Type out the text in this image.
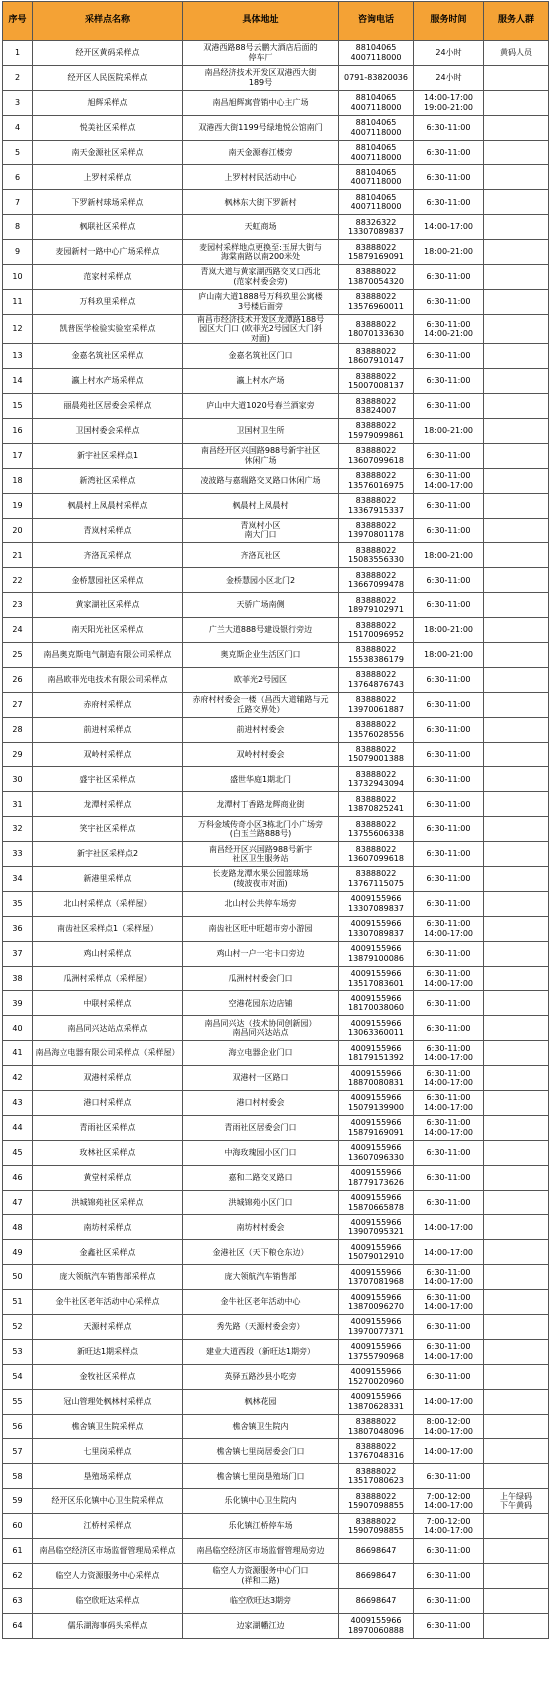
序号	采样点名称	具体地址	咨询电话	服务时间	服务人群
1	经开区黄码采样点	双港西路88号云鹏大酒店后面的
停车厂	88104065
4007118000	24小时	黄码人员
2	经开区人民医院采样点	南昌经济技术开发区双港西大街
189号	0791-83820036	24小时	
3	旭辉采样点	南昌旭辉寓营销中心主广场	88104065
4007118000	14:00-17:00
19:00-21:00	
4	悦美社区采样点	双港西大街1199号绿地悦公馆南门	88104065
4007118000	6:30-11:00	
5	南天金源社区采样点	南天金源春江楼旁	88104065
4007118000	6:30-11:00	
6	上罗村采样点	上罗村村民活动中心	88104065
4007118000	6:30-11:00	
7	下罗新村球场采样点	枫林东大街下罗新村	88104065
4007118000	6:30-11:00	
8	枫联社区采样点	天虹商场	88326322
13307089837	14:00-17:00	
9	麦园新村一路中心广场采样点	麦园村采样地点更换至:玉屏大街与
海棠南路以南200米处	83888022
15879169091	18:00-21:00	
10	范家村采样点	青岚大道与黄家湖西路交叉口西北
(范家村委会旁)	83888022
13870054320	6:30-11:00	
11	万科玖里采样点	庐山南大道1888号万科玖里公寓楼
3号楼后面旁	83888022
13576960011	6:30-11:00	
12	凯普医学检验实验室采样点	南昌市经济技术开发区龙潭路188号
园区大门口 (欧菲光2号园区大门斜
对面)	83888022
18070133630	6:30-11:00
14:00-21:00	
13	金嘉名筑社区采样点	金嘉名筑社区门口	83888022
18607910147	6:30-11:00	
14	瀛上村水产场采样点	瀛上村水产场	83888022
15007008137	6:30-11:00	
15	丽晨苑社区居委会采样点	庐山中大道1020号春兰酒家旁	83888022
83824007	6:30-11:00	
16	卫国村委会采样点	卫国村卫生所	83888022
15979099861	18:00-21:00	
17	新宇社区采样点1	南昌经开区兴国路988号新宇社区
休闲广场	83888022
13607099618	6:30-11:00	
18	新湾社区采样点	凌波路与嘉瑞路交叉路口休闲广场	83888022
13576016975	6:30-11:00
14:00-17:00	
19	枫晨村上凤晨村采样点	枫晨村上凤晨村	83888022
13367915337	6:30-11:00	
20	青岚村采样点	青岚村小区
南大门口	83888022
13970801178	6:30-11:00	
21	齐洛瓦采样点	齐洛瓦社区	83888022
15083556330	18:00-21:00	
22	金桥慧园社区采样点	金桥慧园小区北门2	83888022
13667099478	6:30-11:00	
23	黄家湖社区采样点	天骄广场南侧	83888022
18979102971	6:30-11:00	
24	南天阳光社区采样点	广兰大道888号建设银行旁边	83888022
15170096952	18:00-21:00	
25	南昌奥克斯电气制造有限公司采样点	奥克斯企业生活区门口	83888022
15538386179	18:00-21:00	
26	南昌欧菲光电技术有限公司采样点	欧菲光2号园区	83888022
13764876743	6:30-11:00	
27	赤府村采样点	赤府村村委会一楼（昌西大道辅路与元
丘路交界处）	83888022
13970061887	6:30-11:00	
28	前进村采样点	前进村村委会	83888022
13576028556	6:30-11:00	
29	双岭村采样点	双岭村村委会	83888022
15079001388	6:30-11:00	
30	盛宇社区采样点	盛世华庭1期北门	83888022
13732943094	6:30-11:00	
31	龙潭村采样点	龙潭村丁香路龙辉商业街	83888022
13870825241	6:30-11:00	
32	笑宇社区采样点	万科金域传奇小区3栋北门小广场旁
(白玉兰路888号)	83888022
13755606338	6:30-11:00	
33	新宇社区采样点2	南昌经开区兴国路988号新宇
社区卫生服务站	83888022
13607099618	6:30-11:00	
34	新港里采样点	长麦路龙潭水果公园篮球场
(绫波夜市对面)	83888022
13767115075	6:30-11:00	
35	北山村采样点（采样屋）	北山村公共停车场旁	4009155966
13307089837	6:30-11:00	
36	南齿社区采样点1（采样屋）	南齿社区旺中旺超市旁小游园	4009155966
13307089837	6:30-11:00
14:00-17:00	
37	鸡山村采样点	鸡山村一户一宅卡口旁边	4009155966
13879100086	6:30-11:00	
38	瓜洲村采样点（采样屋）	瓜洲村村委会门口	4009155966
13517083601	6:30-11:00
14:00-17:00	
39	中联村采样点	空港花园东边店铺	4009155966
18170038060	6:30-11:00	
40	南昌同兴达站点采样点	南昌同兴达（技术协同创新园）
南昌同兴达站点	4009155966
13063360011	6:30-11:00	
41	南昌海立电器有限公司采样点（采样屋）	海立电器企业门口	4009155966
18179151392	6:30-11:00
14:00-17:00	
42	双港村采样点	双港村一区路口	4009155966
18870080831	6:30-11:00
14:00-17:00	
43	港口村采样点	港口村村委会	4009155966
15079139900	6:30-11:00
14:00-17:00	
44	青雨社区采样点	青雨社区居委会门口	4009155966
15879169091	6:30-11:00
14:00-17:00	
45	玫林社区采样点	中海玫瑰园小区门口	4009155966
13607096330	6:30-11:00	
46	黄堂村采样点	嘉和二路交叉路口	4009155966
18779173626	6:30-11:00	
47	洪城锦苑社区采样点	洪城锦苑小区门口	4009155966
15870665878	6:30-11:00	
48	南坊村采样点	南坊村村委会	4009155966
13907095321	14:00-17:00	
49	金鑫社区采样点	金港社区（天下粮仓东边）	4009155966
15079012910	14:00-17:00	
50	庞大领航汽车销售部采样点	庞大领航汽车销售部	4009155966
13707081968	6:30-11:00
14:00-17:00	
51	金牛社区老年活动中心采样点	金牛社区老年活动中心	4009155966
13870096270	6:30-11:00
14:00-17:00	
52	天源村采样点	秀先路（天源村委会旁）	4009155966
13970077371	6:30-11:00	
53	新旺达1期采样点	建业大道西段（新旺达1期旁）	4009155966
13755790968	6:30-11:00
14:00-17:00	
54	金牧社区采样点	英驿五路沙县小吃旁	4009155966
15270020960	6:30-11:00	
55	冠山管理处枫林村采样点	枫林花园	4009155966
13870628331	14:00-17:00	
56	樵舍镇卫生院采样点	樵舍镇卫生院内	83888022
13807048096	8:00-12:00
14:00-17:00	
57	七里岗采样点	樵舍镇七里岗居委会门口	83888022
13767048316	14:00-17:00	
58	垦殖场采样点	樵舍镇七里岗垦殖场门口	83888022
13517080623	6:30-11:00	
59	经开区乐化镇中心卫生院采样点	乐化镇中心卫生院内	83888022
15907098855	7:00-12:00
14:00-17:00	上午绿码
下午黄码
60	江桥村采样点	乐化镇江桥停车场	83888022
15907098855	7:00-12:00
14:00-17:00	
61	南昌临空经济区市场监督管理局采样点	南昌临空经济区市场监督管理局旁边	86698647	6:30-11:00	
62	临空人力资源服务中心采样点	临空人力资源服务中心门口
(祥和二路)	86698647	6:30-11:00	
63	临空欣旺达采样点	临空欣旺达3期旁	86698647	6:30-11:00	
64	儒乐湖海事码头采样点	边家湖幡江边	4009155966
18970060888	6:30-11:00	
